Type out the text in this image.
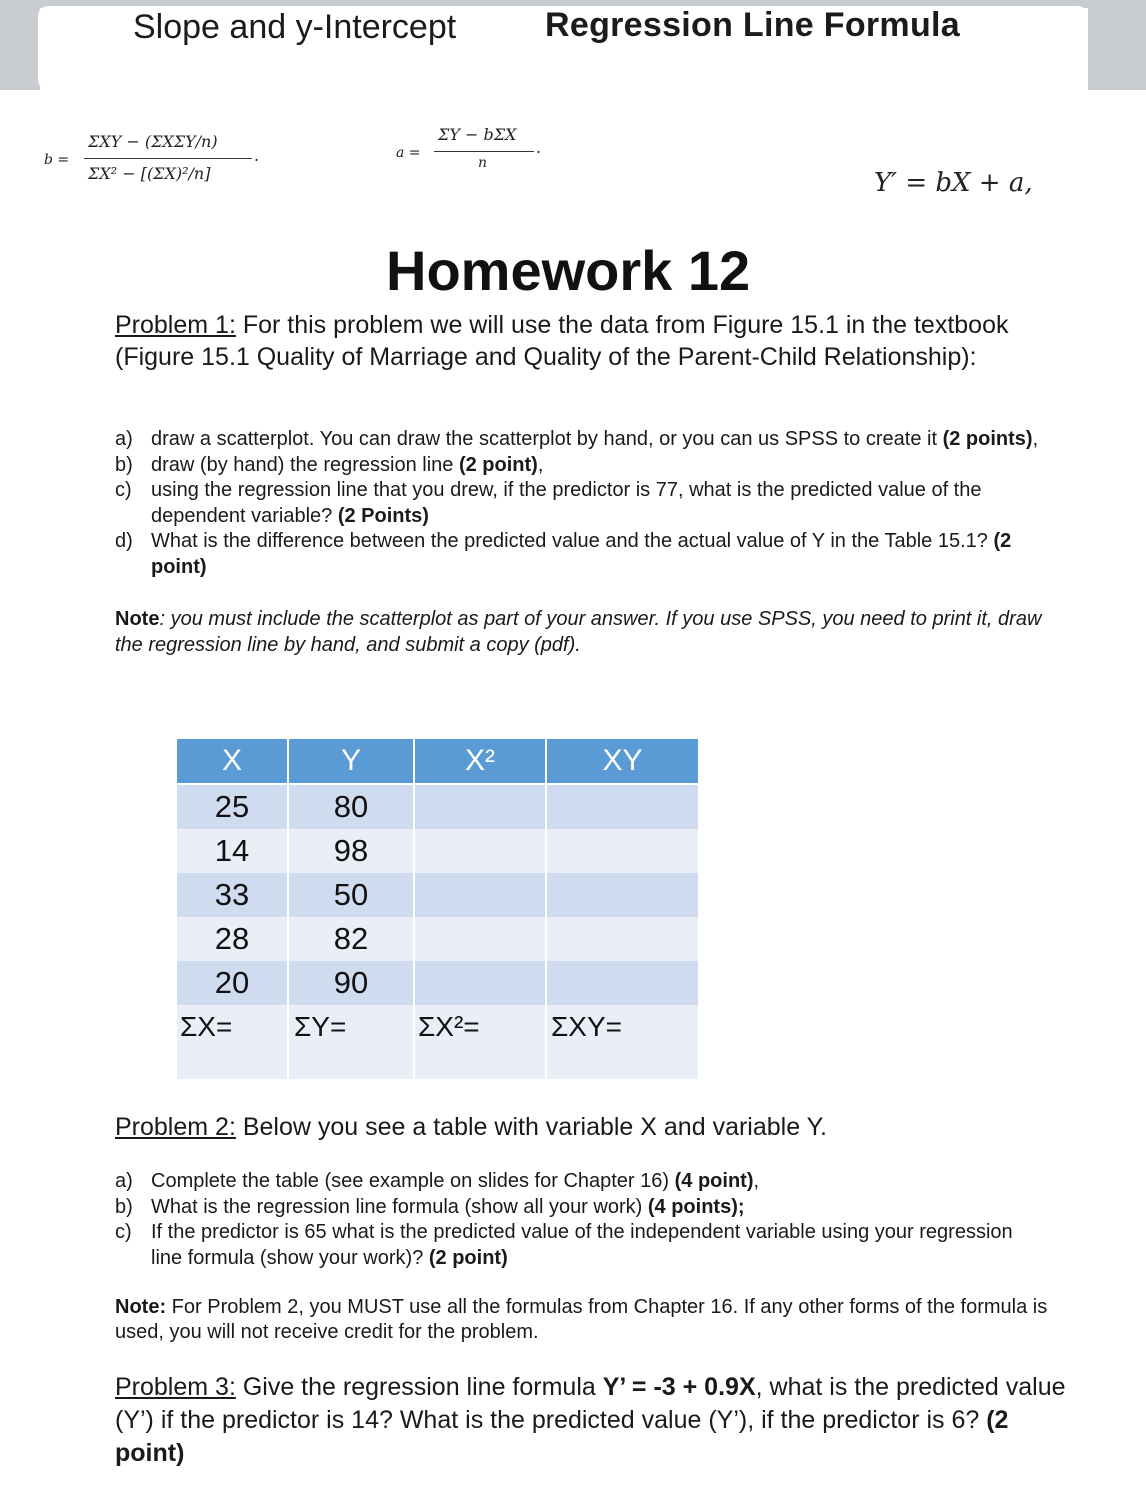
Slope and y-Intercept	Regression Line Formula
b =
ΣXY − (ΣXΣY/n)
ΣX² − [(ΣX)²/n]
.	a =
ΣY − bΣX
n
.
Y′ = bX + a,
Homework 12
Problem 1: For this problem we will use the data from Figure 15.1 in the textbook (Figure 15.1 Quality of Marriage and Quality of the Parent-Child Relationship):
a) draw a scatterplot. You can draw the scatterplot by hand, or you can us SPSS to create it (2 points),
b) draw (by hand) the regression line (2 point),
c) using the regression line that you drew, if the predictor is 77, what is the predicted value of the dependent variable? (2 Points)
d) What is the difference between the predicted value and the actual value of Y in the Table 15.1? (2 point)
Note: you must include the scatterplot as part of your answer. If you use SPSS, you need to print it, draw the regression line by hand, and submit a copy (pdf).
X	Y	X²	XY
25	80
14	98
33	50
28	82
20	90
ΣX= ΣY=	ΣX²=	ΣXY=
Problem 2: Below you see a table with variable X and variable Y.
a) Complete the table (see example on slides for Chapter 16) (4 point),
b) What is the regression line formula (show all your work) (4 points);
c) If the predictor is 65 what is the predicted value of the independent variable using your regression line formula (show your work)? (2 point)
Note: For Problem 2, you MUST use all the formulas from Chapter 16. If any other forms of the formula is used, you will not receive credit for the problem.
Problem 3: Give the regression line formula Y’ = -3 + 0.9X, what is the predicted value (Y’) if the predictor is 14? What is the predicted value (Y’), if the predictor is 6? (2 point)
